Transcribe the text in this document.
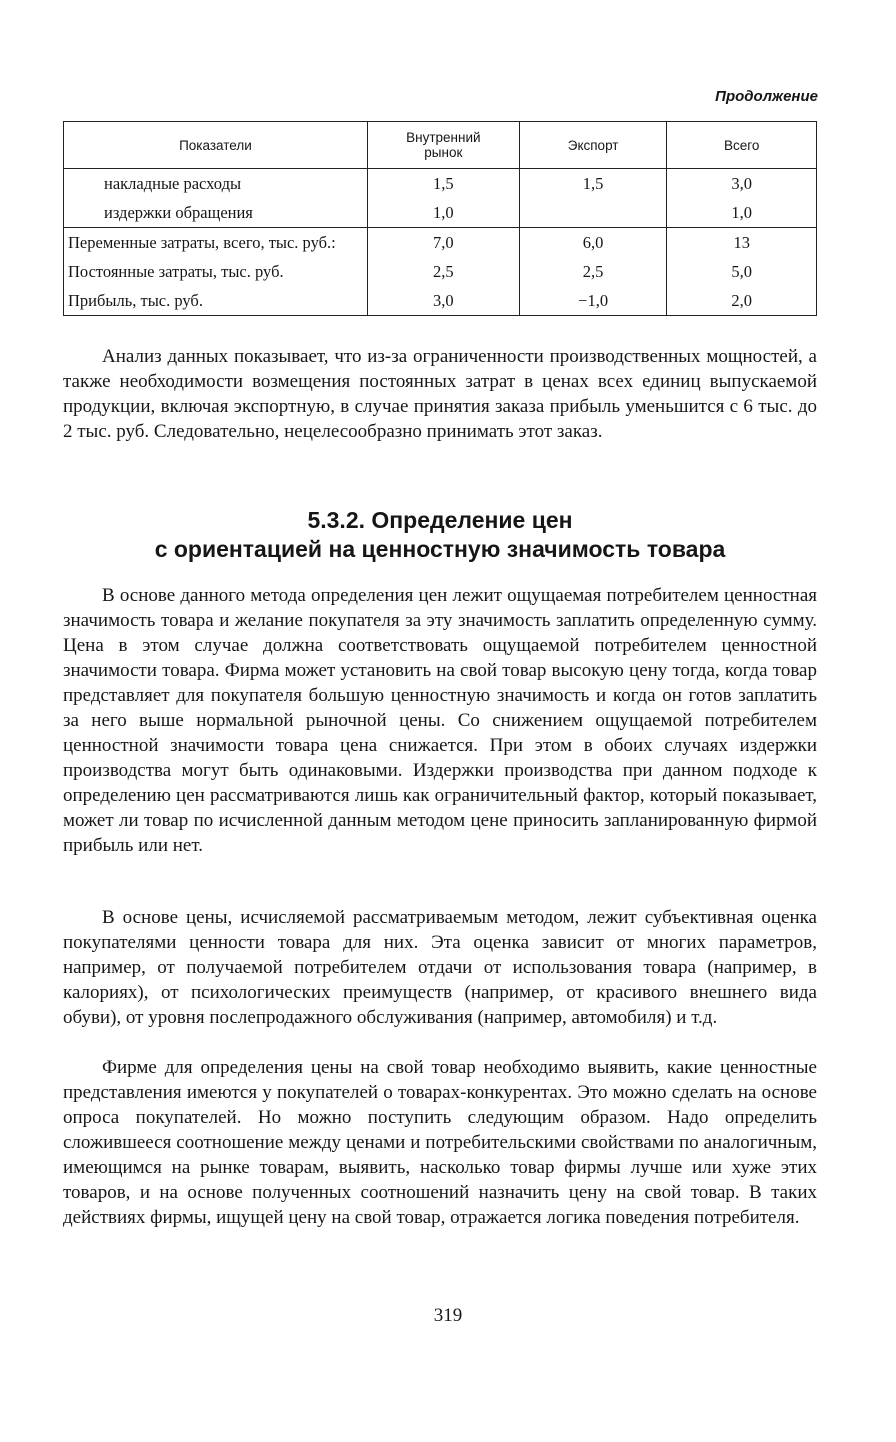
Продолжение
Показатели	Внутренний рынок	Экспорт	Всего
накладные расходы	1,5	1,5	3,0
издержки обращения	1,0		1,0
Переменные затраты, всего, тыс. руб.:	7,0	6,0	13
Постоянные затраты, тыс. руб.	2,5	2,5	5,0
Прибыль, тыс. руб.	3,0	−1,0	2,0

Анализ данных показывает, что из-за ограниченности производственных мощностей, а также необходимости возмещения постоянных затрат в ценах всех единиц выпускаемой продукции, включая экспортную, в случае принятия заказа прибыль уменьшится с 6 тыс. до 2 тыс. руб. Следовательно, нецелесообразно принимать этот заказ.

5.3.2. Определение цен
с ориентацией на ценностную значимость товара

В основе данного метода определения цен лежит ощущаемая потребителем ценностная значимость товара и желание покупателя за эту значимость заплатить определенную сумму. Цена в этом случае должна соответствовать ощущаемой потребителем ценностной значимости товара. Фирма может установить на свой товар высокую цену тогда, когда товар представляет для покупателя большую ценностную значимость и когда он готов заплатить за него выше нормальной рыночной цены. Со снижением ощущаемой потребителем ценностной значимости товара цена снижается. При этом в обоих случаях издержки производства могут быть одинаковыми. Издержки производства при данном подходе к определению цен рассматриваются лишь как ограничительный фактор, который показывает, может ли товар по исчисленной данным методом цене приносить запланированную фирмой прибыль или нет.

В основе цены, исчисляемой рассматриваемым методом, лежит субъективная оценка покупателями ценности товара для них. Эта оценка зависит от многих параметров, например, от получаемой потребителем отдачи от использования товара (например, в калориях), от психологических преимуществ (например, от красивого внешнего вида обуви), от уровня послепродажного обслуживания (например, автомобиля) и т.д.

Фирме для определения цены на свой товар необходимо выявить, какие ценностные представления имеются у покупателей о товарах-конкурентах. Это можно сделать на основе опроса покупателей. Но можно поступить следующим образом. Надо определить сложившееся соотношение между ценами и потребительскими свойствами по аналогичным, имеющимся на рынке товарам, выявить, насколько товар фирмы лучше или хуже этих товаров, и на основе полученных соотношений назначить цену на свой товар. В таких действиях фирмы, ищущей цену на свой товар, отражается логика поведения потребителя.

319
